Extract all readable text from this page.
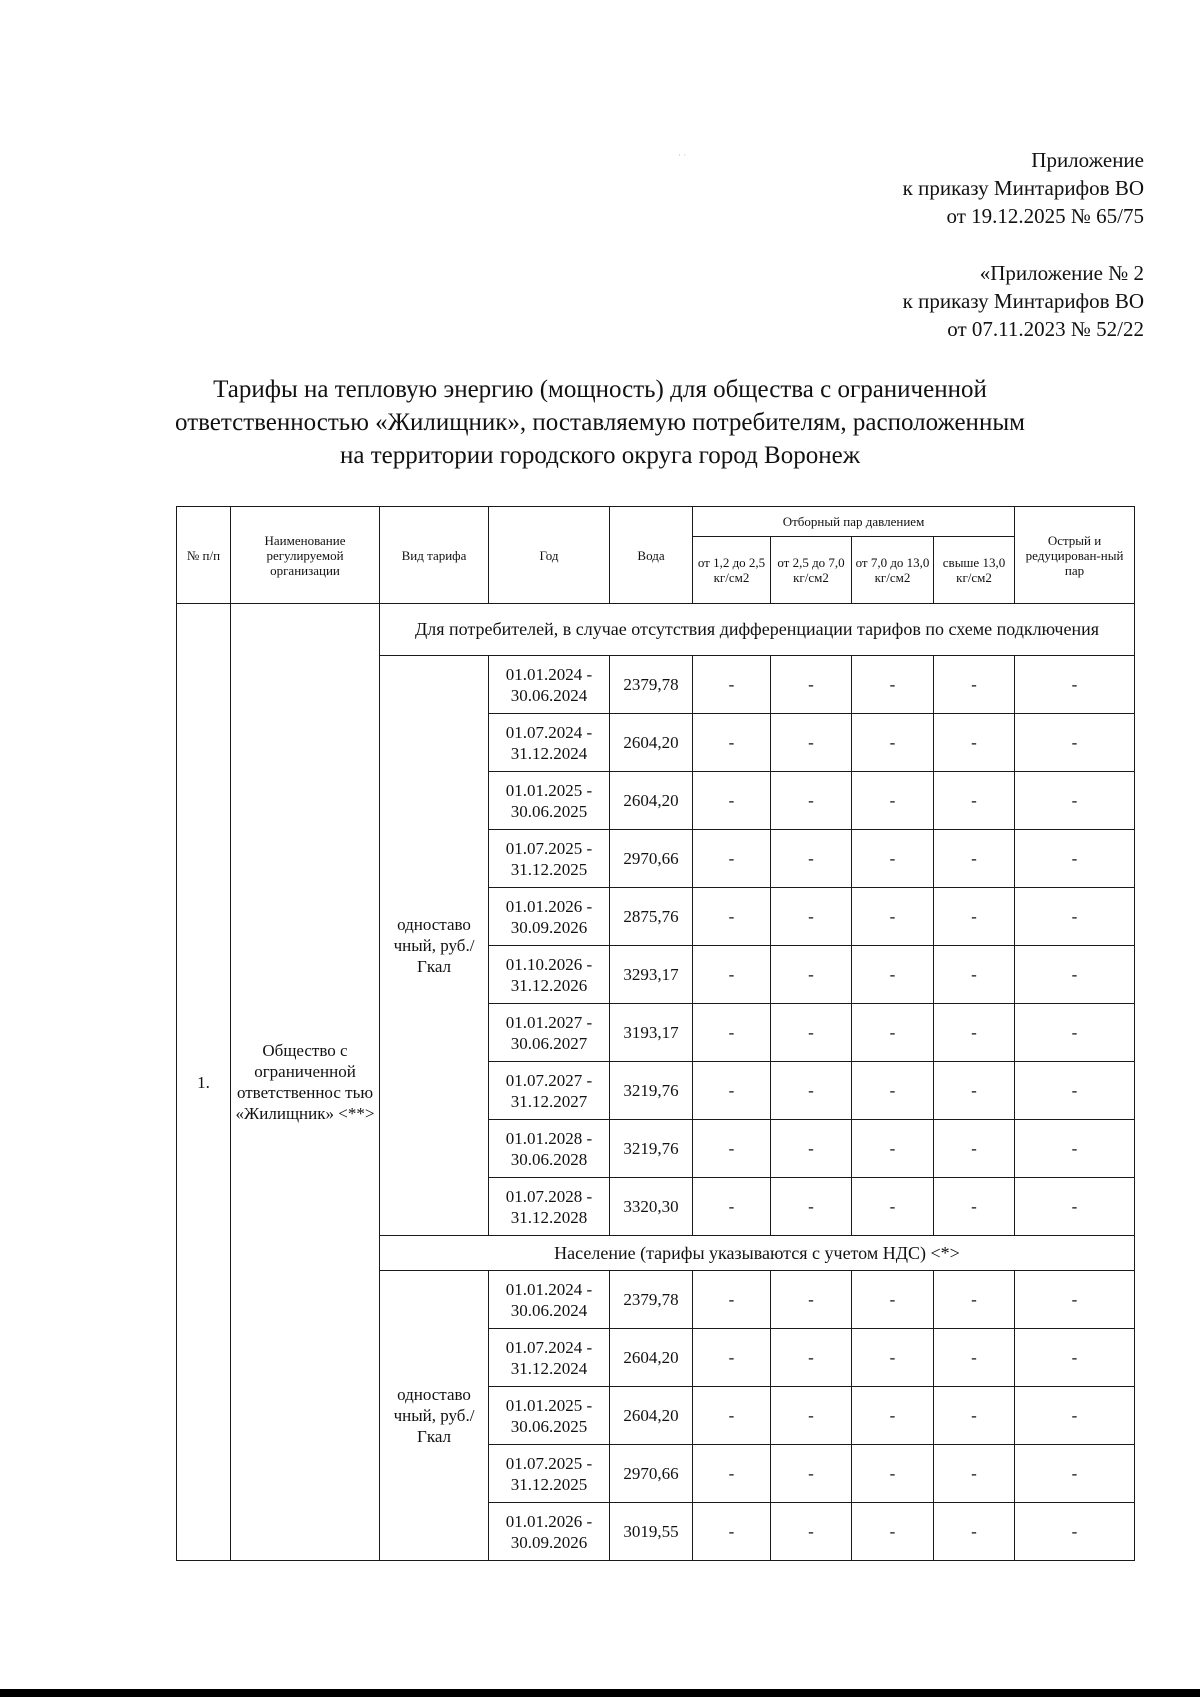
Приложение
к приказу Минтарифов ВО
от 19.12.2025 № 65/75
«Приложение № 2
к приказу Минтарифов ВО
от 07.11.2023 № 52/22
Тарифы на тепловую энергию (мощность) для общества с ограниченной
ответственностью «Жилищник», поставляемую потребителям, расположенным
на территории городского округа город Воронеж
№ п/п	Наименование регулируемой организации	Вид тарифа	Год	Вода	Отборный пар давлением				Острый и редуцирован-ный пар
					от 1,2 до 2,5 кг/см2	от 2,5 до 7,0 кг/см2	от 7,0 до 13,0 кг/см2	свыше 13,0 кг/см2	
1.	Общество с ограниченной ответственнос тью «Жилищник» <**>	Для потребителей, в случае отсутствия дифференциации тарифов по схеме подключения							
		одноставо чный, руб./Гкал	01.01.2024 - 30.06.2024	2379,78	-	-	-	-	-
			01.07.2024 - 31.12.2024	2604,20	-	-	-	-	-
			01.01.2025 - 30.06.2025	2604,20	-	-	-	-	-
			01.07.2025 - 31.12.2025	2970,66	-	-	-	-	-
			01.01.2026 - 30.09.2026	2875,76	-	-	-	-	-
			01.10.2026 - 31.12.2026	3293,17	-	-	-	-	-
			01.01.2027 - 30.06.2027	3193,17	-	-	-	-	-
			01.07.2027 - 31.12.2027	3219,76	-	-	-	-	-
			01.01.2028 - 30.06.2028	3219,76	-	-	-	-	-
			01.07.2028 - 31.12.2028	3320,30	-	-	-	-	-
		Население (тарифы указываются с учетом НДС) <*>							
		одноставо чный, руб./Гкал	01.01.2024 - 30.06.2024	2379,78	-	-	-	-	-
			01.07.2024 - 31.12.2024	2604,20	-	-	-	-	-
			01.01.2025 - 30.06.2025	2604,20	-	-	-	-	-
			01.07.2025 - 31.12.2025	2970,66	-	-	-	-	-
			01.01.2026 - 30.09.2026	3019,55	-	-	-	-	-
· ·
